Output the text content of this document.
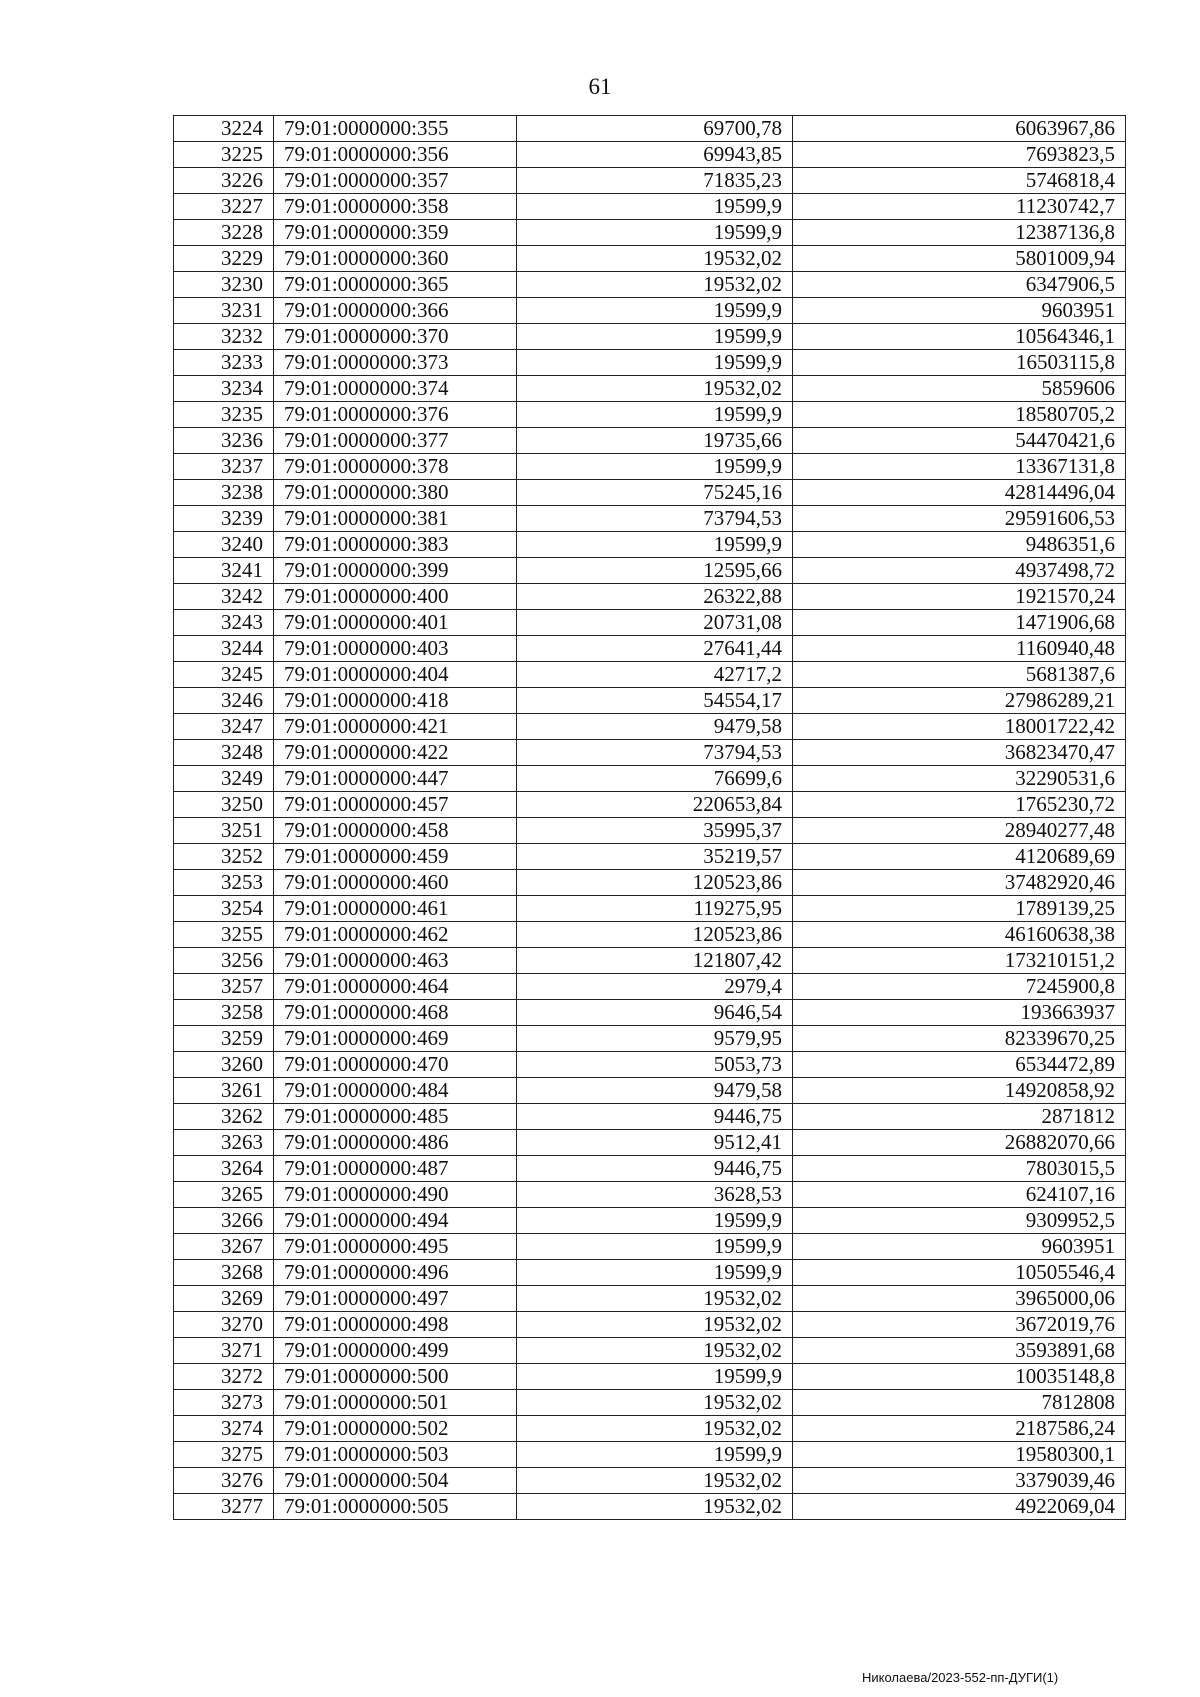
61
3224	79:01:0000000:355	69700,78	6063967,86
3225	79:01:0000000:356	69943,85	7693823,5
3226	79:01:0000000:357	71835,23	5746818,4
3227	79:01:0000000:358	19599,9	11230742,7
3228	79:01:0000000:359	19599,9	12387136,8
3229	79:01:0000000:360	19532,02	5801009,94
3230	79:01:0000000:365	19532,02	6347906,5
3231	79:01:0000000:366	19599,9	9603951
3232	79:01:0000000:370	19599,9	10564346,1
3233	79:01:0000000:373	19599,9	16503115,8
3234	79:01:0000000:374	19532,02	5859606
3235	79:01:0000000:376	19599,9	18580705,2
3236	79:01:0000000:377	19735,66	54470421,6
3237	79:01:0000000:378	19599,9	13367131,8
3238	79:01:0000000:380	75245,16	42814496,04
3239	79:01:0000000:381	73794,53	29591606,53
3240	79:01:0000000:383	19599,9	9486351,6
3241	79:01:0000000:399	12595,66	4937498,72
3242	79:01:0000000:400	26322,88	1921570,24
3243	79:01:0000000:401	20731,08	1471906,68
3244	79:01:0000000:403	27641,44	1160940,48
3245	79:01:0000000:404	42717,2	5681387,6
3246	79:01:0000000:418	54554,17	27986289,21
3247	79:01:0000000:421	9479,58	18001722,42
3248	79:01:0000000:422	73794,53	36823470,47
3249	79:01:0000000:447	76699,6	32290531,6
3250	79:01:0000000:457	220653,84	1765230,72
3251	79:01:0000000:458	35995,37	28940277,48
3252	79:01:0000000:459	35219,57	4120689,69
3253	79:01:0000000:460	120523,86	37482920,46
3254	79:01:0000000:461	119275,95	1789139,25
3255	79:01:0000000:462	120523,86	46160638,38
3256	79:01:0000000:463	121807,42	173210151,2
3257	79:01:0000000:464	2979,4	7245900,8
3258	79:01:0000000:468	9646,54	193663937
3259	79:01:0000000:469	9579,95	82339670,25
3260	79:01:0000000:470	5053,73	6534472,89
3261	79:01:0000000:484	9479,58	14920858,92
3262	79:01:0000000:485	9446,75	2871812
3263	79:01:0000000:486	9512,41	26882070,66
3264	79:01:0000000:487	9446,75	7803015,5
3265	79:01:0000000:490	3628,53	624107,16
3266	79:01:0000000:494	19599,9	9309952,5
3267	79:01:0000000:495	19599,9	9603951
3268	79:01:0000000:496	19599,9	10505546,4
3269	79:01:0000000:497	19532,02	3965000,06
3270	79:01:0000000:498	19532,02	3672019,76
3271	79:01:0000000:499	19532,02	3593891,68
3272	79:01:0000000:500	19599,9	10035148,8
3273	79:01:0000000:501	19532,02	7812808
3274	79:01:0000000:502	19532,02	2187586,24
3275	79:01:0000000:503	19599,9	19580300,1
3276	79:01:0000000:504	19532,02	3379039,46
3277	79:01:0000000:505	19532,02	4922069,04
Николаева/2023-552-пп-ДУГИ(1)
